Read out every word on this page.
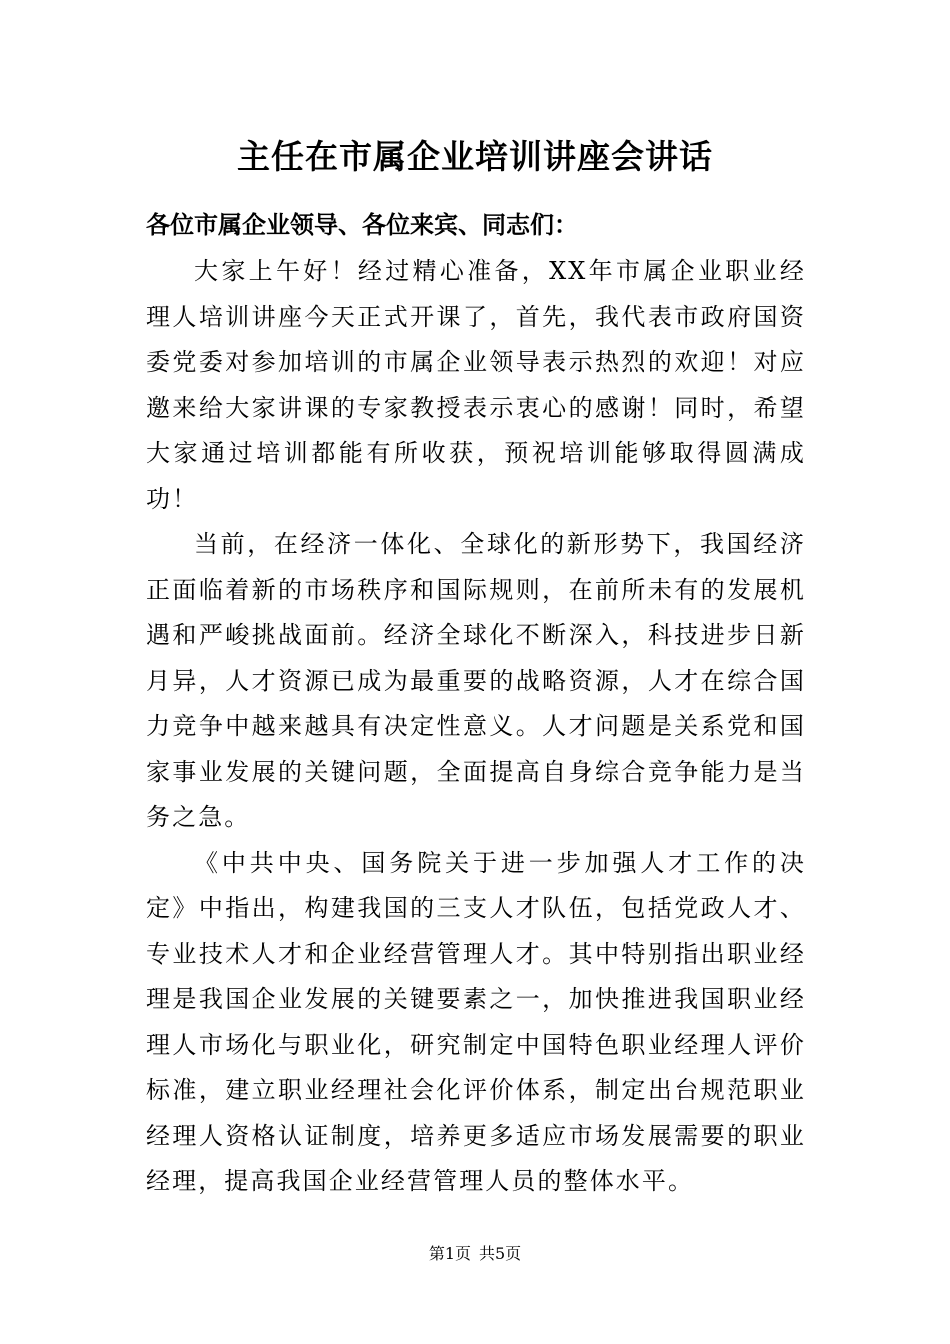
主任在市属企业培训讲座会讲话
各位市属企业领导、各位来宾、同志们：

大家上午好！经过精心准备，XX年市属企业职业经理人培训讲座今天正式开课了，首先，我代表市政府国资委党委对参加培训的市属企业领导表示热烈的欢迎！对应邀来给大家讲课的专家教授表示衷心的感谢！同时，希望大家通过培训都能有所收获，预祝培训能够取得圆满成功！

当前，在经济一体化、全球化的新形势下，我国经济正面临着新的市场秩序和国际规则，在前所未有的发展机遇和严峻挑战面前。经济全球化不断深入，科技进步日新月异，人才资源已成为最重要的战略资源，人才在综合国力竞争中越来越具有决定性意义。人才问题是关系党和国家事业发展的关键问题，全面提高自身综合竞争能力是当务之急。

《中共中央、国务院关于进一步加强人才工作的决定》中指出，构建我国的三支人才队伍，包括党政人才、专业技术人才和企业经营管理人才。其中特别指出职业经理是我国企业发展的关键要素之一，加快推进我国职业经理人市场化与职业化，研究制定中国特色职业经理人评价标准，建立职业经理社会化评价体系，制定出台规范职业经理人资格认证制度，培养更多适应市场发展需要的职业经理，提高我国企业经营管理人员的整体水平。

第1页 共5页
